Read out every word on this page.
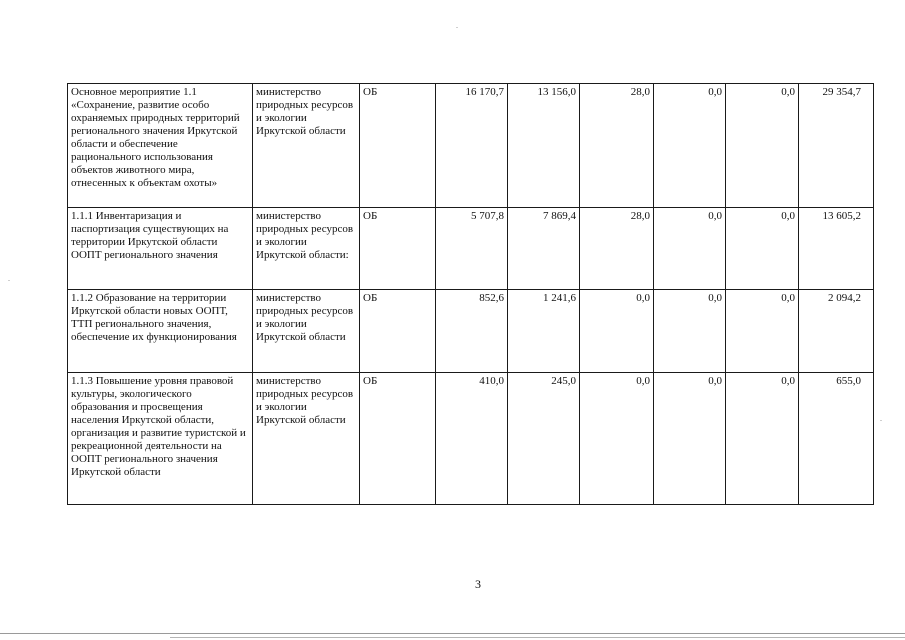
Основное мероприятие 1.1 «Сохранение, развитие особо охраняемых природных территорий регионального значения Иркутской области и обеспечение рационального использования объектов животного мира, отнесенных к объектам охоты»	министерство природных ресурсов и экологии Иркутской области	ОБ	16 170,7	13 156,0	28,0	0,0	0,0	29 354,7
1.1.1 Инвентаризация и паспортизация существующих на территории Иркутской области ООПТ регионального значения	министерство природных ресурсов и экологии Иркутской области:	ОБ	5 707,8	7 869,4	28,0	0,0	0,0	13 605,2
1.1.2 Образование на территории Иркутской области новых ООПТ, ТТП регионального значения, обеспечение их функционирования	министерство природных ресурсов и экологии Иркутской области	ОБ	852,6	1 241,6	0,0	0,0	0,0	2 094,2
1.1.3 Повышение уровня правовой культуры, экологического образования и просвещения населения Иркутской области, организация и развитие туристской и рекреационной деятельности на ООПТ регионального значения Иркутской области	министерство природных ресурсов и экологии Иркутской области	ОБ	410,0	245,0	0,0	0,0	0,0	655,0
3
